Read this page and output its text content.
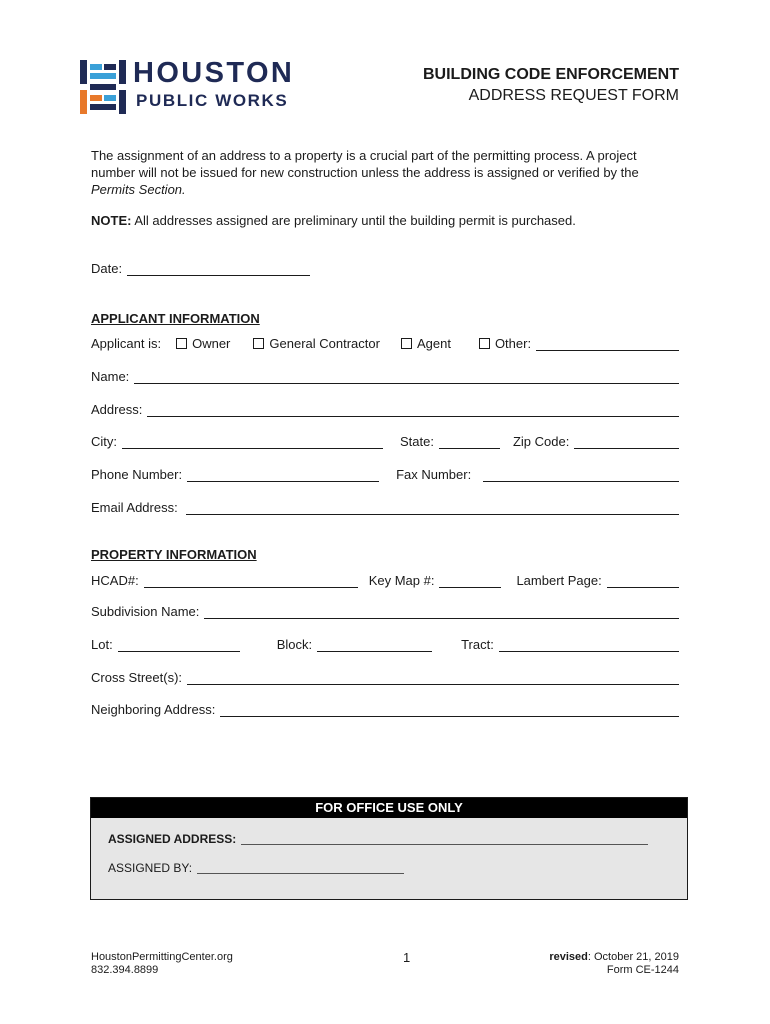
HOUSTON
PUBLIC WORKS
BUILDING CODE ENFORCEMENT
ADDRESS REQUEST FORM
The assignment of an address to a property is a crucial part of the permitting process. A project number will not be issued for new construction unless the address is assigned or verified by the Permits Section.
NOTE: All addresses assigned are preliminary until the building permit is purchased.
Date:
APPLICANT INFORMATION
Applicant is:	Owner	General Contractor	Agent	Other:
Name:
Address:
City:	State:	Zip Code:
Phone Number:	Fax Number:
Email Address:
PROPERTY INFORMATION
HCAD#:	Key Map #:	Lambert Page:
Subdivision Name:
Lot:	Block:	Tract:
Cross Street(s):
Neighboring Address:
FOR OFFICE USE ONLY
ASSIGNED ADDRESS:
ASSIGNED BY:
HoustonPermittingCenter.org
832.394.8899
1	revised: October 21, 2019
Form CE-1244
